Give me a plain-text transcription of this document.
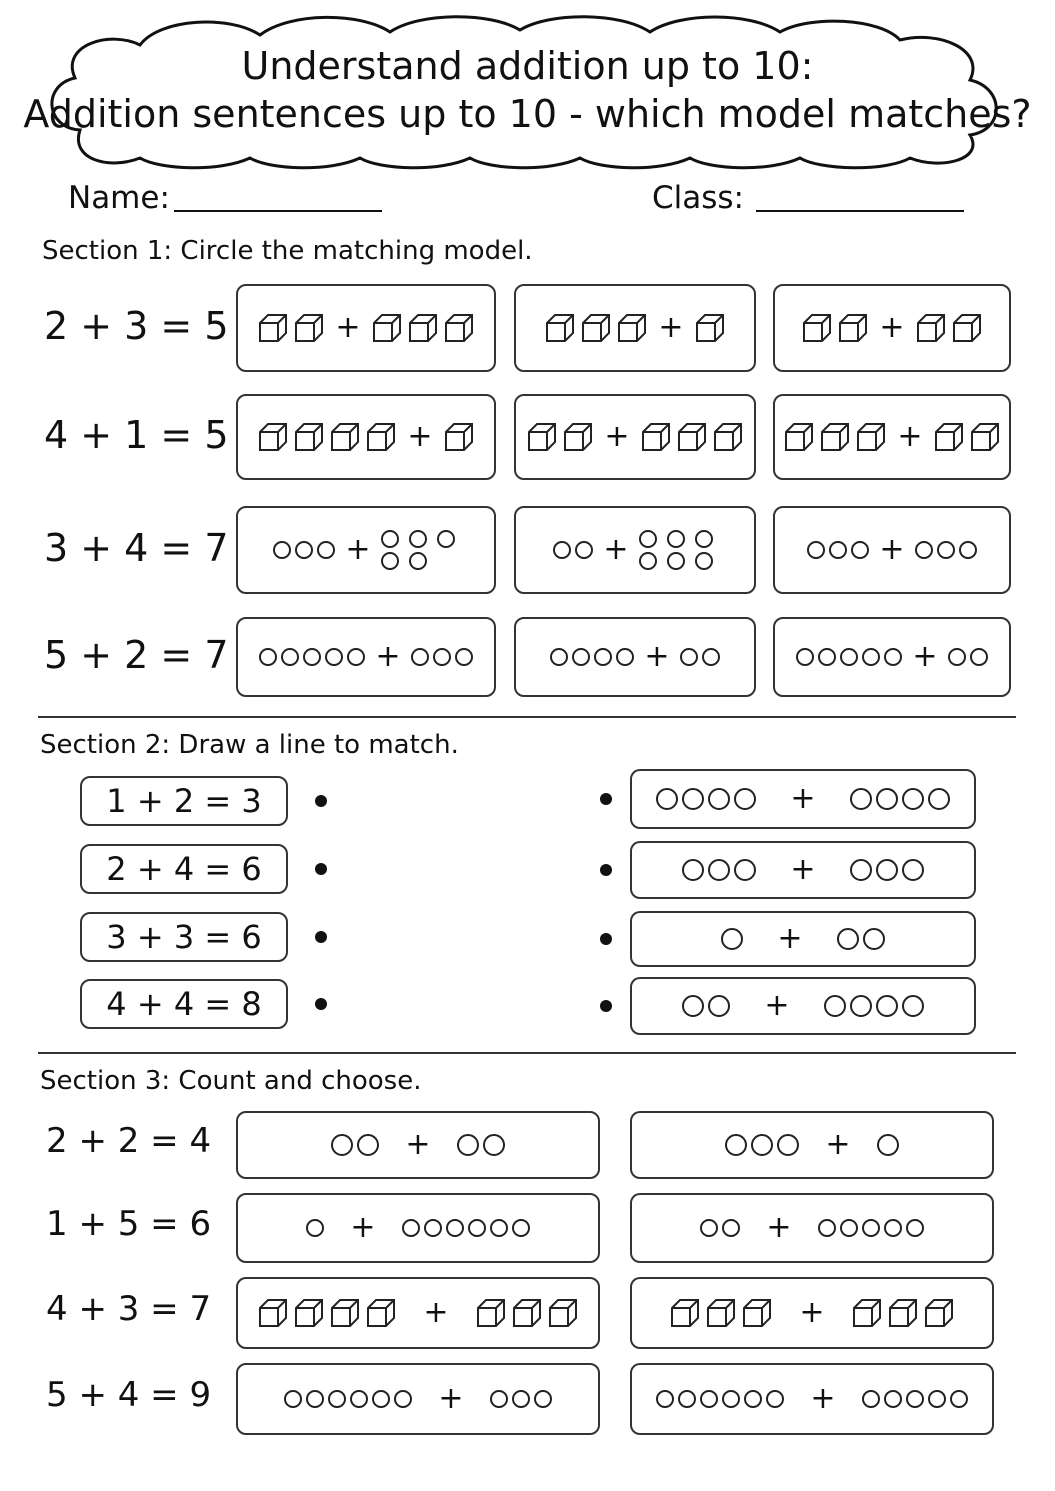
Understand addition up to 10:
Addition sentences up to 10 - which model matches?
Name:	Class:
Section 1: Circle the matching model.
2 + 3 = 5	+	+	+
4 + 1 = 5	+	+	+
3 + 4 = 7	+	+	+
5 + 2 = 7	+	+	+
Section 2: Draw a line to match.
1 + 2 = 3
2 + 4 = 6
3 + 3 = 6
4 + 4 = 8
+
+
+
+
Section 3: Count and choose.
2 + 2 = 4	+	+
1 + 5 = 6	+	+
4 + 3 = 7	+	+
5 + 4 = 9	+	+
